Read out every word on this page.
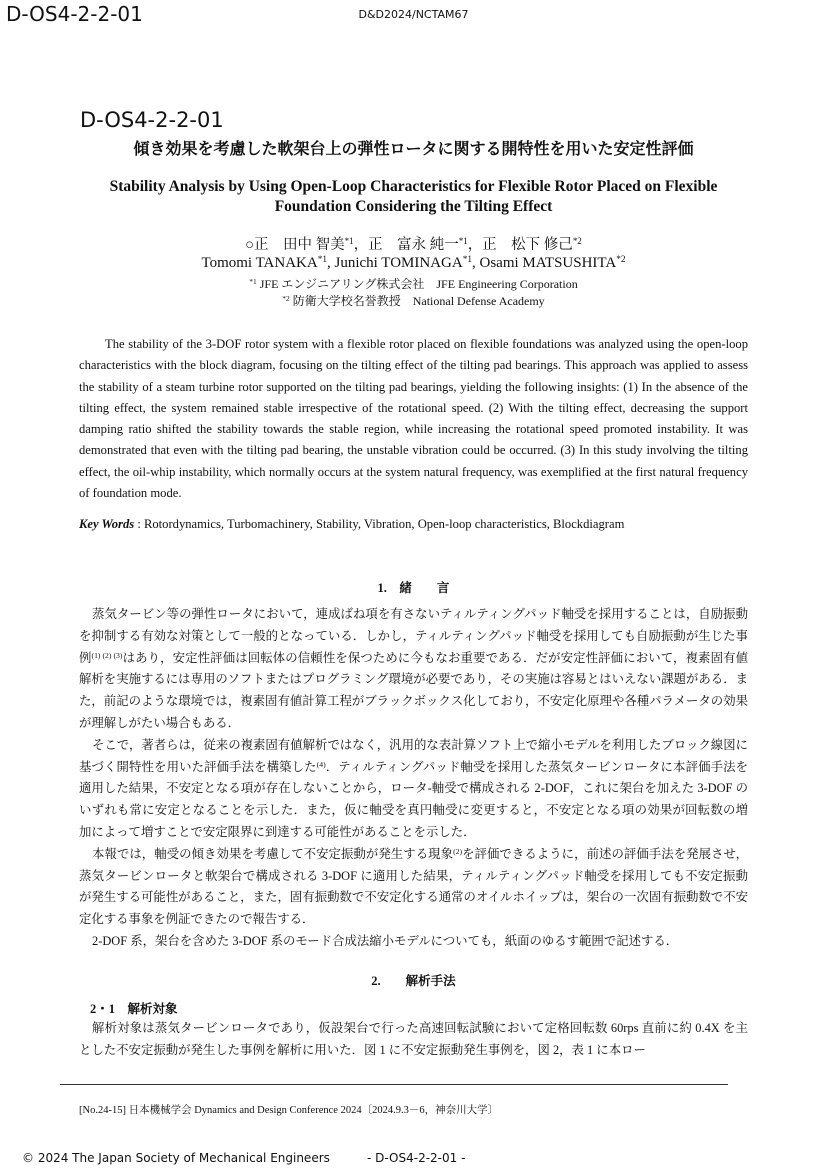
D-OS4-2-2-01	D&D2024/NCTAM67
D-OS4-2-2-01
傾き効果を考慮した軟架台上の弾性ロータに関する開特性を用いた安定性評価
Stability Analysis by Using Open-Loop Characteristics for Flexible Rotor Placed on Flexible Foundation Considering the Tilting Effect
○正　田中 智美$^{*1}$，正　富永 純一$^{*1}$，正　松下 修己$^{*2}$
Tomomi TANAKA$^{*1}$, Junichi TOMINAGA$^{*1}$, Osami MATSUSHITA$^{*2}$
$^{*1}$ JFE エンジニアリング株式会社　JFE Engineering Corporation
$^{*2}$ 防衛大学校名誉教授　National Defense Academy

The stability of the 3-DOF rotor system with a flexible rotor placed on flexible foundations was analyzed using the open-loop characteristics with the block diagram, focusing on the tilting effect of the tilting pad bearings. This approach was applied to assess the stability of a steam turbine rotor supported on the tilting pad bearings, yielding the following insights: (1) In the absence of the tilting effect, the system remained stable irrespective of the rotational speed. (2) With the tilting effect, decreasing the support damping ratio shifted the stability towards the stable region, while increasing the rotational speed promoted instability. It was demonstrated that even with the tilting pad bearing, the unstable vibration could be occurred. (3) In this study involving the tilting effect, the oil-whip instability, which normally occurs at the system natural frequency, was exemplified at the first natural frequency of foundation mode.

Key Words : Rotordynamics, Turbomachinery, Stability, Vibration, Open-loop characteristics, Blockdiagram
1.　緒　　言

蒸気タービン等の弾性ロータにおいて，連成ばね項を有さないティルティングパッド軸受を採用することは，自励振動を抑制する有効な対策として一般的となっている．しかし，ティルティングパッド軸受を採用しても自励振動が生じた事例$^{(1) (2) (3)}$はあり，安定性評価は回転体の信頼性を保つために今もなお重要である．だが安定性評価において，複素固有値解析を実施するには専用のソフトまたはプログラミング環境が必要であり，その実施は容易とはいえない課題がある．また，前記のような環境では，複素固有値計算工程がブラックボックス化しており，不安定化原理や各種パラメータの効果が理解しがたい場合もある．

そこで，著者らは，従来の複素固有値解析ではなく，汎用的な表計算ソフト上で縮小モデルを利用したブロック線図に基づく開特性を用いた評価手法を構築した$^{(4)}$．ティルティングパッド軸受を採用した蒸気タービンロータに本評価手法を適用した結果，不安定となる項が存在しないことから，ロータ-軸受で構成される 2-DOF，これに架台を加えた 3-DOF のいずれも常に安定となることを示した．また，仮に軸受を真円軸受に変更すると，不安定となる項の効果が回転数の増加によって増すことで安定限界に到達する可能性があることを示した．

本報では，軸受の傾き効果を考慮して不安定振動が発生する現象$^{(2)}$を評価できるように，前述の評価手法を発展させ，蒸気タービンロータと軟架台で構成される 3-DOF に適用した結果，ティルティングパッド軸受を採用しても不安定振動が発生する可能性があること，また，固有振動数で不安定化する通常のオイルホイップは，架台の一次固有振動数で不安定化する事象を例証できたので報告する．

2-DOF 系，架台を含めた 3-DOF 系のモード合成法縮小モデルについても，紙面のゆるす範囲で記述する．

2.　　解析手法
2・1　解析対象

解析対象は蒸気タービンロータであり，仮設架台で行った高速回転試験において定格回転数 60rps 直前に約 0.4X を主とした不安定振動が発生した事例を解析に用いた．図 1 に不安定振動発生事例を，図 2，表 1 に本ロー

[No.24-15] 日本機械学会 Dynamics and Design Conference 2024〔2024.9.3－6，神奈川大学〕
© 2024 The Japan Society of Mechanical Engineers	- D-OS4-2-2-01 -
